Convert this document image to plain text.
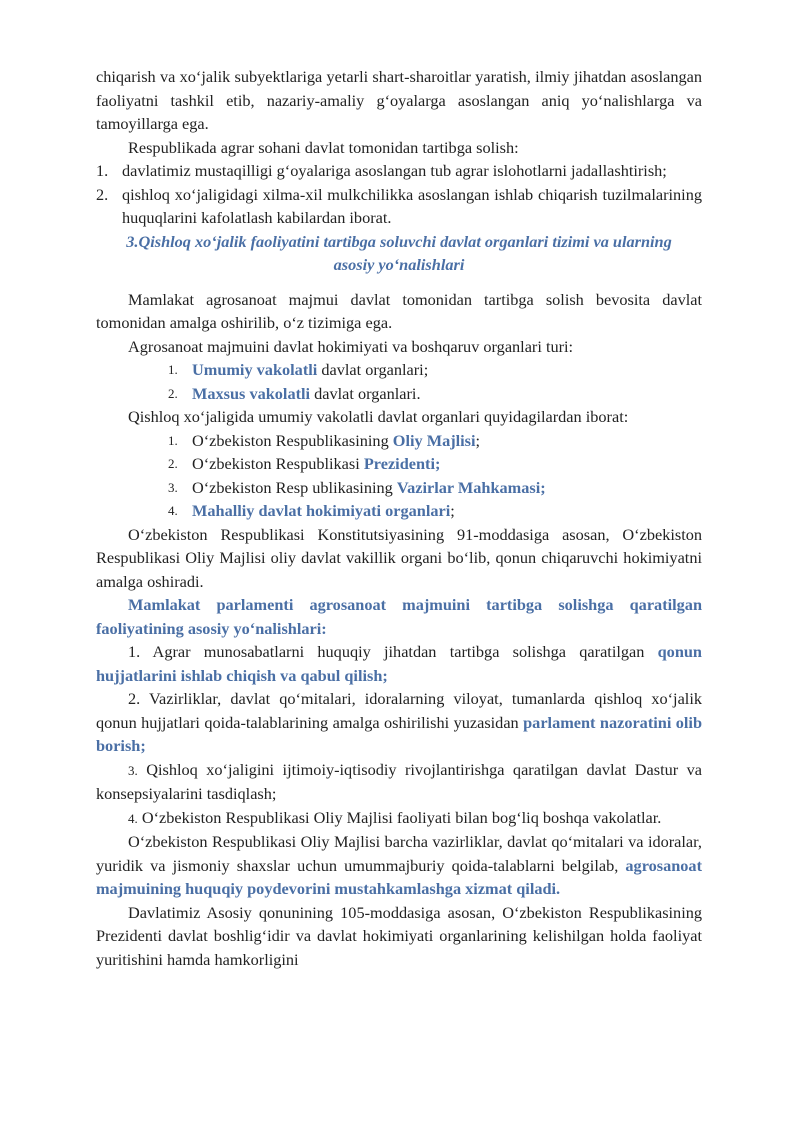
chiqarish va xo‘jalik subyektlariga yetarli shart-sharoitlar yaratish, ilmiy jihatdan asoslangan faoliyatni tashkil etib, nazariy-amaliy g‘oyalarga asoslangan aniq yo‘nalishlarga va tamoyillarga ega.

Respublikada agrar sohani davlat tomonidan tartibga solish:

1. davlatimiz mustaqilligi g‘oyalariga asoslangan tub agrar islohotlarni jadallashtirish;
2. qishloq xo‘jaligidagi xilma-xil mulkchilikka asoslangan ishlab chiqarish tuzilmalarining huquqlarini kafolatlash kabilardan iborat.

3.Qishloq xo‘jalik faoliyatini tartibga soluvchi davlat organlari tizimi va ularning asosiy yo‘nalishlari

Mamlakat agrosanoat majmui davlat tomonidan tartibga solish bevosita davlat tomonidan amalga oshirilib, o‘z tizimiga ega.

Agrosanoat majmuini davlat hokimiyati va boshqaruv organlari turi:

1. Umumiy vakolatli davlat organlari;
2. Maxsus vakolatli davlat organlari.

Qishloq xo‘jaligida umumiy vakolatli davlat organlari quyidagilardan iborat:

1. O‘zbekiston Respublikasining Oliy Majlisi;
2. O‘zbekiston Respublikasi Prezidenti;
3. O‘zbekiston Resp ublikasining Vazirlar Mahkamasi;
4. Mahalliy davlat hokimiyati organlari;

O‘zbekiston Respublikasi Konstitutsiyasining 91-moddasiga asosan, O‘zbekiston Respublikasi Oliy Majlisi oliy davlat vakillik organi bo‘lib, qonun chiqaruvchi hokimiyatni amalga oshiradi.

Mamlakat parlamenti agrosanoat majmuini tartibga solishga qaratilgan faoliyatining asosiy yo‘nalishlari:

1. Agrar munosabatlarni huquqiy jihatdan tartibga solishga qaratilgan qonun hujjatlarini ishlab chiqish va qabul qilish;

2. Vazirliklar, davlat qo‘mitalari, idoralarning viloyat, tumanlarda qishloq xo‘jalik qonun hujjatlari qoida-talablarining amalga oshirilishi yuzasidan parlament nazoratini olib borish;

3. Qishloq xo‘jaligini ijtimoiy-iqtisodiy rivojlantirishga qaratilgan davlat Dastur va konsepsiyalarini tasdiqlash;

4. O‘zbekiston Respublikasi Oliy Majlisi faoliyati bilan bog‘liq boshqa vakolatlar.

O‘zbekiston Respublikasi Oliy Majlisi barcha vazirliklar, davlat qo‘mitalari va idoralar, yuridik va jismoniy shaxslar uchun umummajburiy qoida-talablarni belgilab, agrosanoat majmuining huquqiy poydevorini mustahkamlashga xizmat qiladi.

Davlatimiz Asosiy qonunining 105-moddasiga asosan, O‘zbekiston Respublikasining Prezidenti davlat boshlig‘idir va davlat hokimiyati organlarining kelishilgan holda faoliyat yuritishini hamda hamkorligini
